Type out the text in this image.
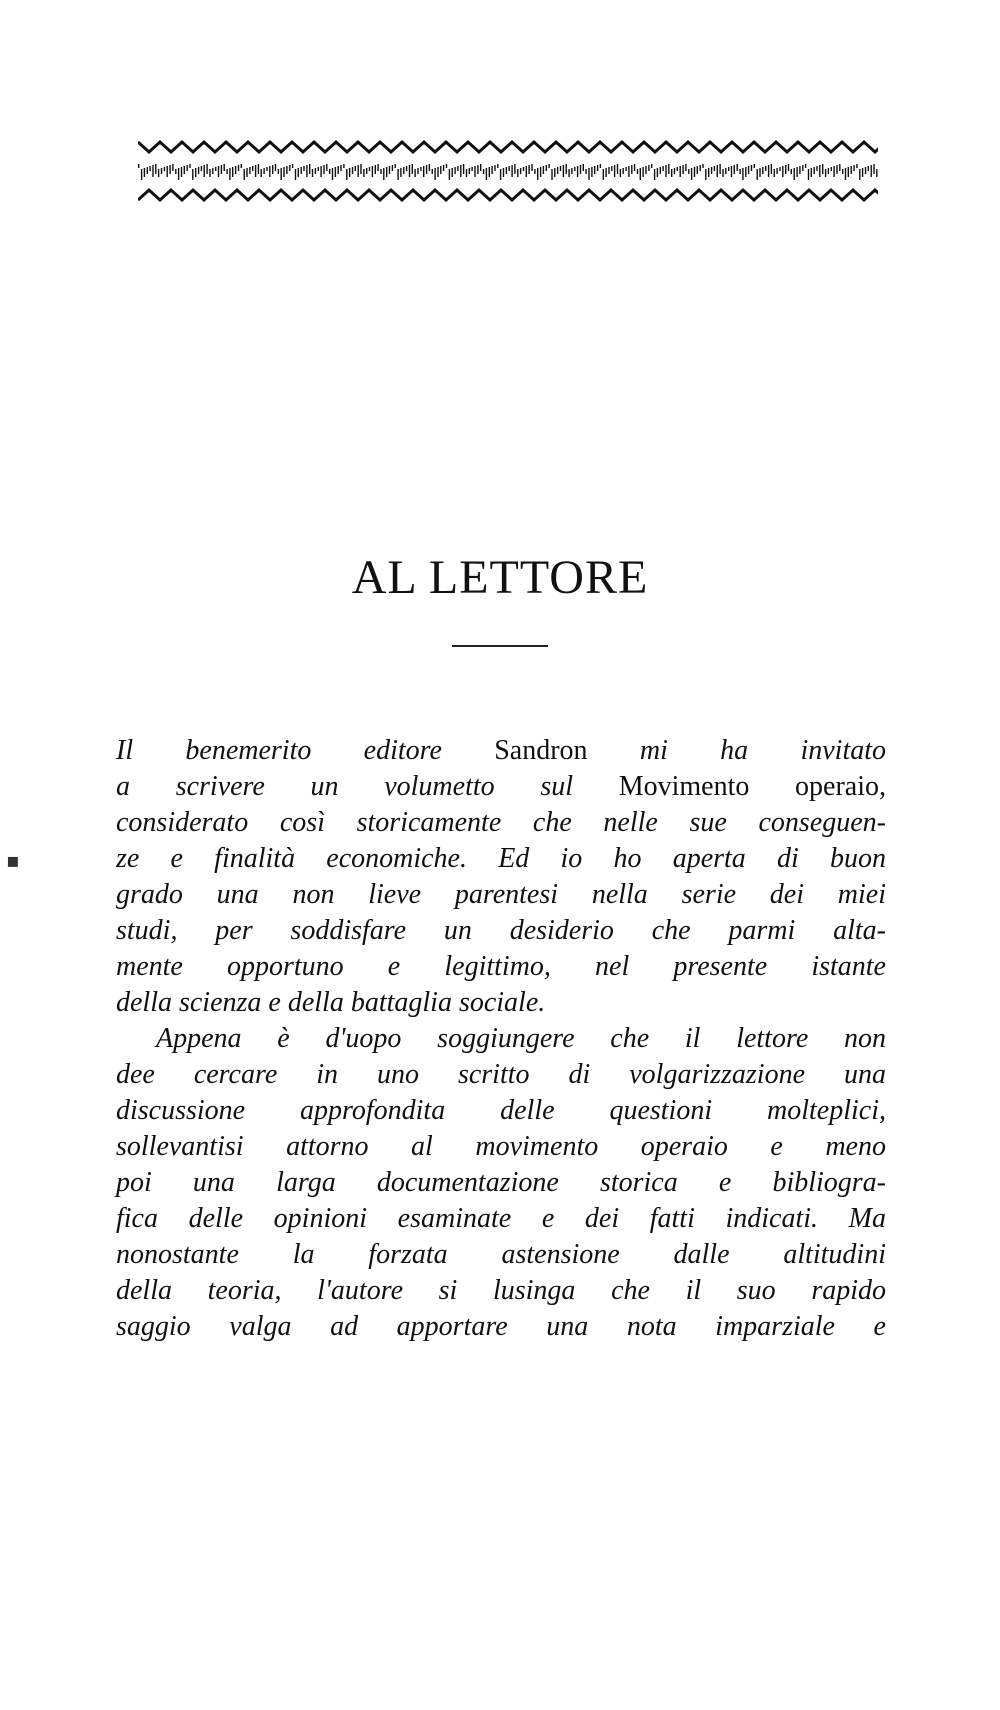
AL LETTORE
Il benemerito editore Sandron mi ha invitato
a scrivere un volumetto sul Movimento operaio,
considerato così storicamente che nelle sue conseguen-
ze e finalità economiche. Ed io ho aperta di buon
grado una non lieve parentesi nella serie dei miei
studi, per soddisfare un desiderio che parmi alta-
mente opportuno e legittimo, nel presente istante
della scienza e della battaglia sociale.
Appena è d'uopo soggiungere che il lettore non
dee cercare in uno scritto di volgarizzazione una
discussione approfondita delle questioni molteplici,
sollevantisi attorno al movimento operaio e meno
poi una larga documentazione storica e bibliogra-
fica delle opinioni esaminate e dei fatti indicati. Ma
nonostante la forzata astensione dalle altitudini
della teoria, l'autore si lusinga che il suo rapido
saggio valga ad apportare una nota imparziale e
▪
